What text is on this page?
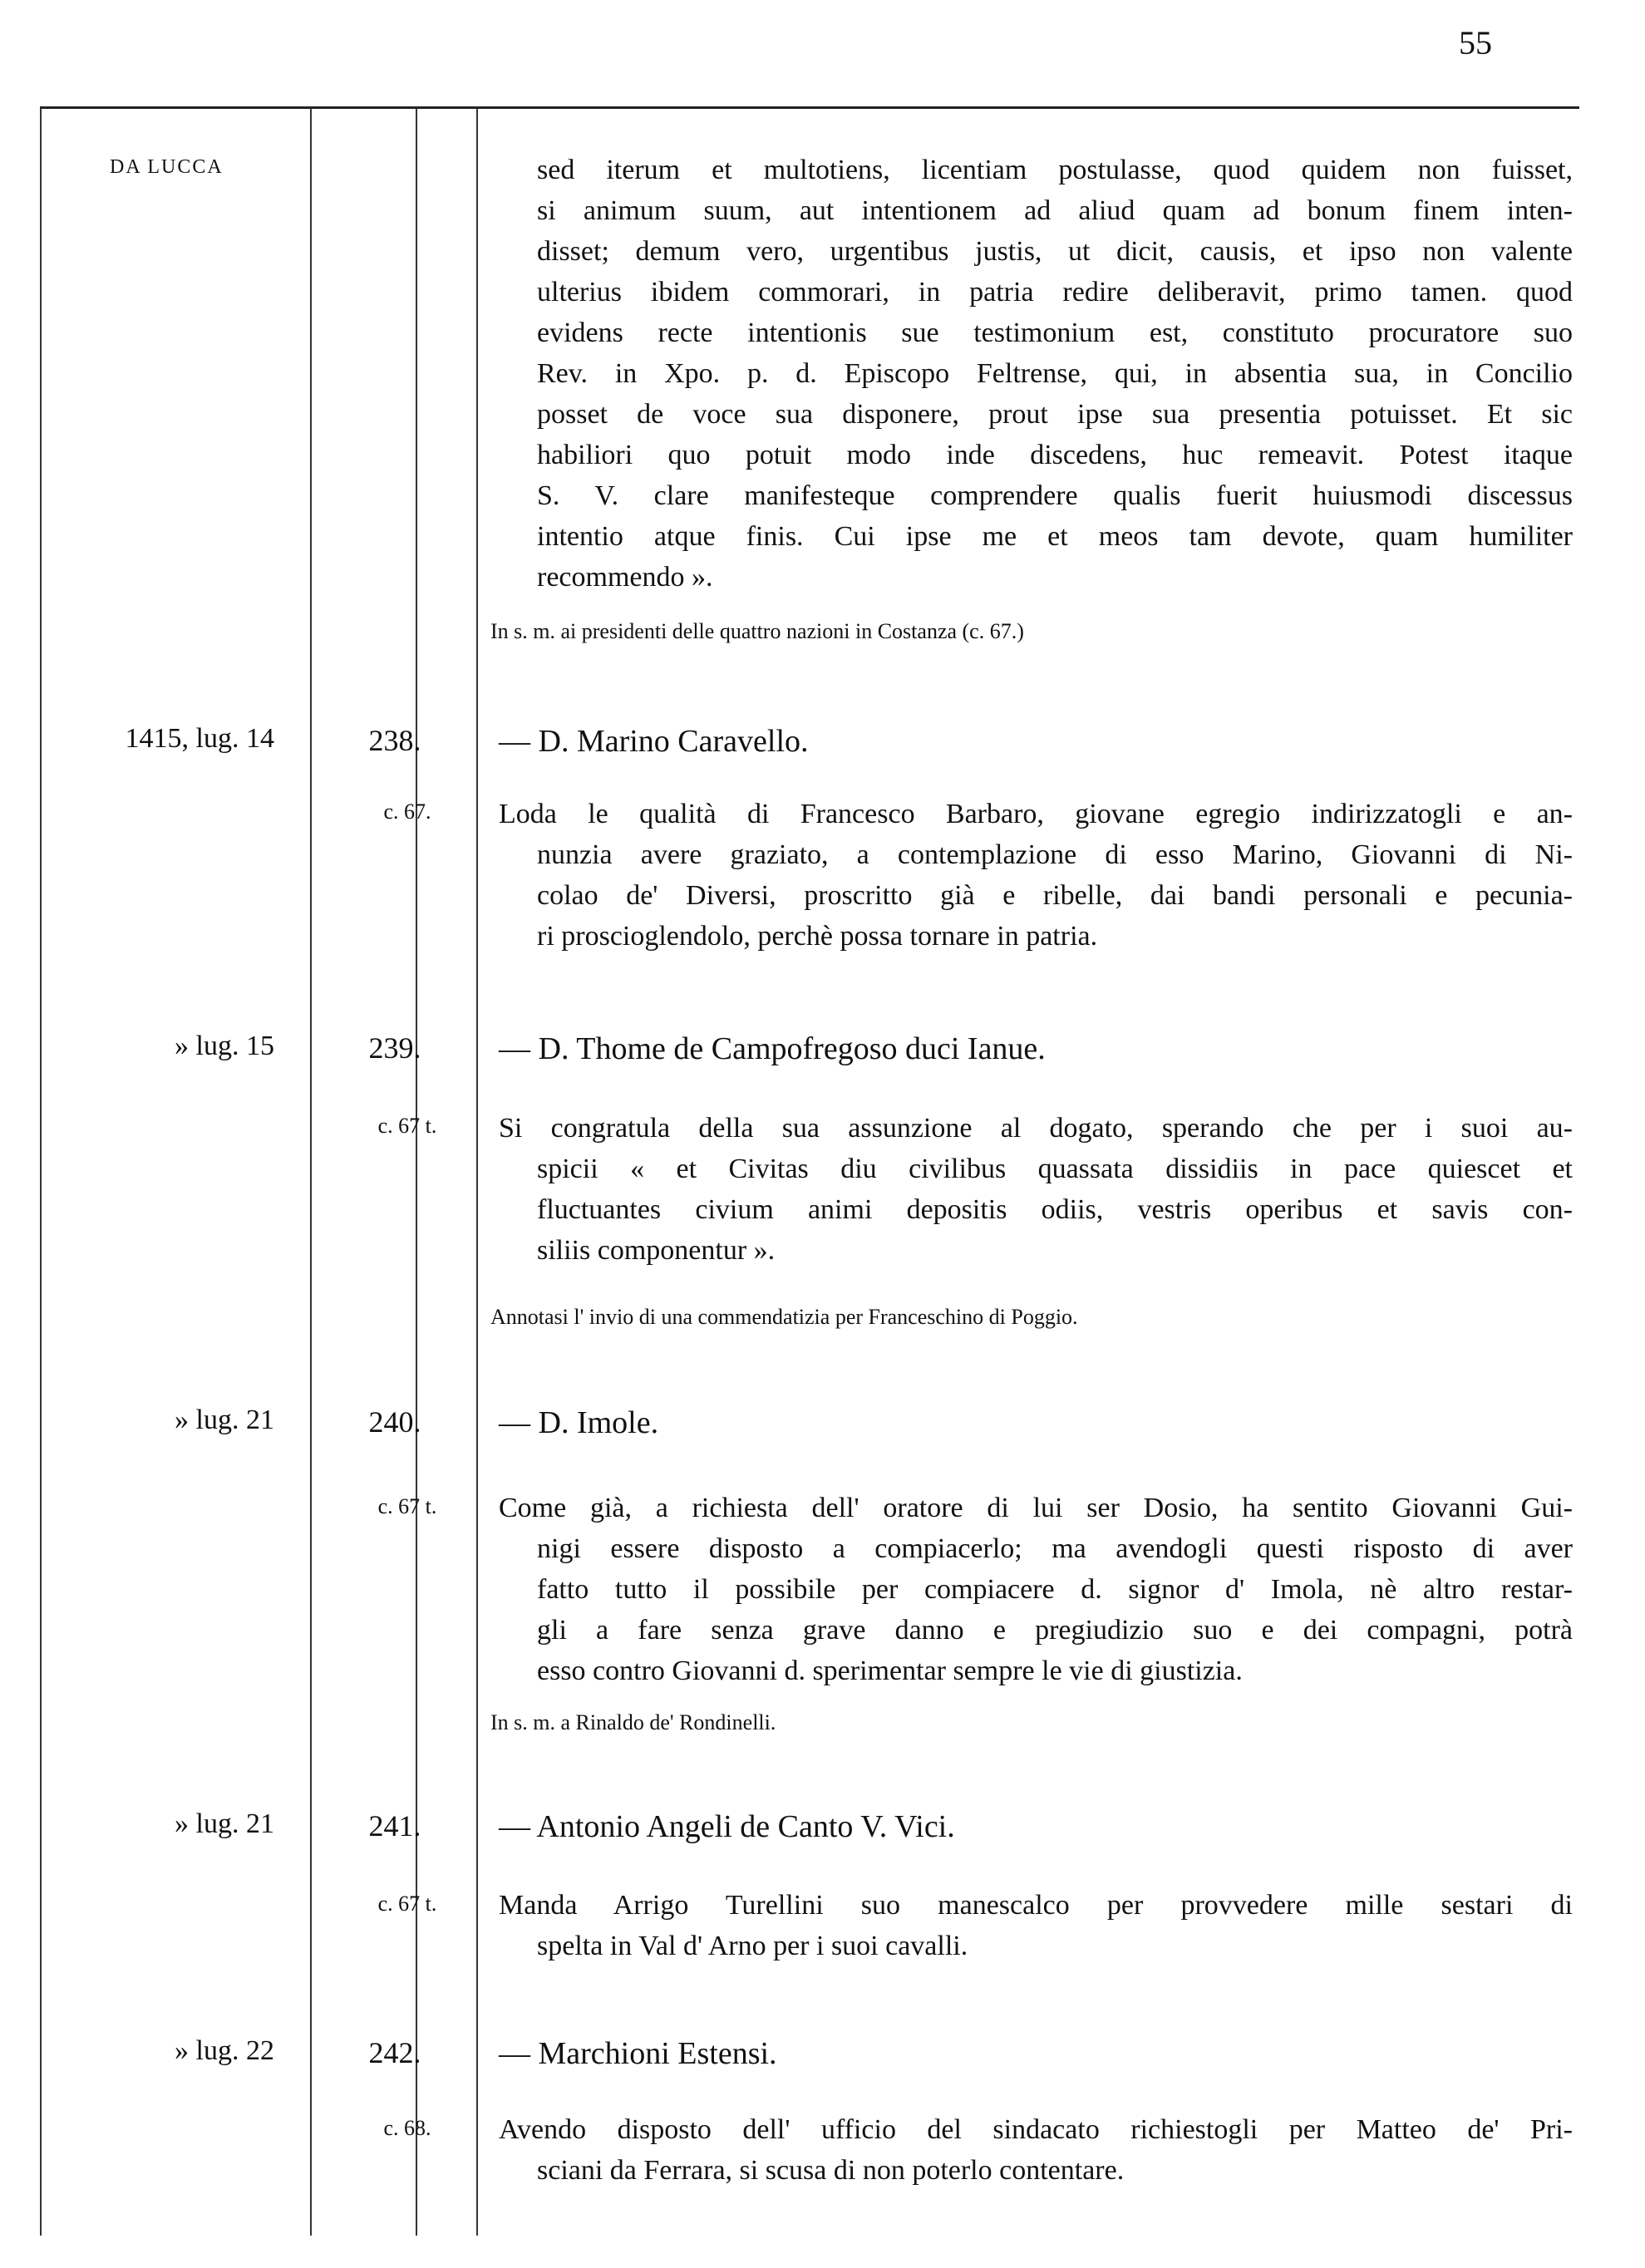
55
DA LUCCA	sed iterum et multotiens, licentiam postulasse, quod quidem non fuisset,
si animum suum, aut intentionem ad aliud quam ad bonum finem inten-
disset; demum vero, urgentibus justis, ut dicit, causis, et ipso non valente
ulterius ibidem commorari, in patria redire deliberavit, primo tamen. quod
evidens recte intentionis sue testimonium est, constituto procuratore suo
Rev. in Xpo. p. d. Episcopo Feltrense, qui, in absentia sua, in Concilio
posset de voce sua disponere, prout ipse sua presentia potuisset. Et sic
habiliori quo potuit modo inde discedens, huc remeavit. Potest itaque
S. V. clare manifesteque comprendere qualis fuerit huiusmodi discessus
intentio atque finis. Cui ipse me et meos tam devote, quam humiliter
recommendo ».
In s. m. ai presidenti delle quattro nazioni in Costanza (c. 67.)
1415, lug. 14	238.	— D. Marino Caravello.
c. 67.	Loda le qualità di Francesco Barbaro, giovane egregio indirizzatogli e an-
nunzia avere graziato, a contemplazione di esso Marino, Giovanni di Ni-
colao de' Diversi, proscritto già e ribelle, dai bandi personali e pecunia-
ri proscioglendolo, perchè possa tornare in patria.
» lug. 15	239.	— D. Thome de Campofregoso duci Ianue.
c. 67 t.	Si congratula della sua assunzione al dogato, sperando che per i suoi au-
spicii « et Civitas diu civilibus quassata dissidiis in pace quiescet et
fluctuantes civium animi depositis odiis, vestris operibus et savis con-
siliis componentur ».
Annotasi l' invio di una commendatizia per Franceschino di Poggio.
» lug. 21	240.	— D. Imole.
c. 67 t.	Come già, a richiesta dell' oratore di lui ser Dosio, ha sentito Giovanni Gui-
nigi essere disposto a compiacerlo; ma avendogli questi risposto di aver
fatto tutto il possibile per compiacere d. signor d' Imola, nè altro restar-
gli a fare senza grave danno e pregiudizio suo e dei compagni, potrà
esso contro Giovanni d. sperimentar sempre le vie di giustizia.
In s. m. a Rinaldo de' Rondinelli.
» lug. 21	241.	— Antonio Angeli de Canto V. Vici.
c. 67 t.	Manda Arrigo Turellini suo manescalco per provvedere mille sestari di
spelta in Val d' Arno per i suoi cavalli.
» lug. 22	242.	— Marchioni Estensi.
c. 68.	Avendo disposto dell' ufficio del sindacato richiestogli per Matteo de' Pri-
sciani da Ferrara, si scusa di non poterlo contentare.
